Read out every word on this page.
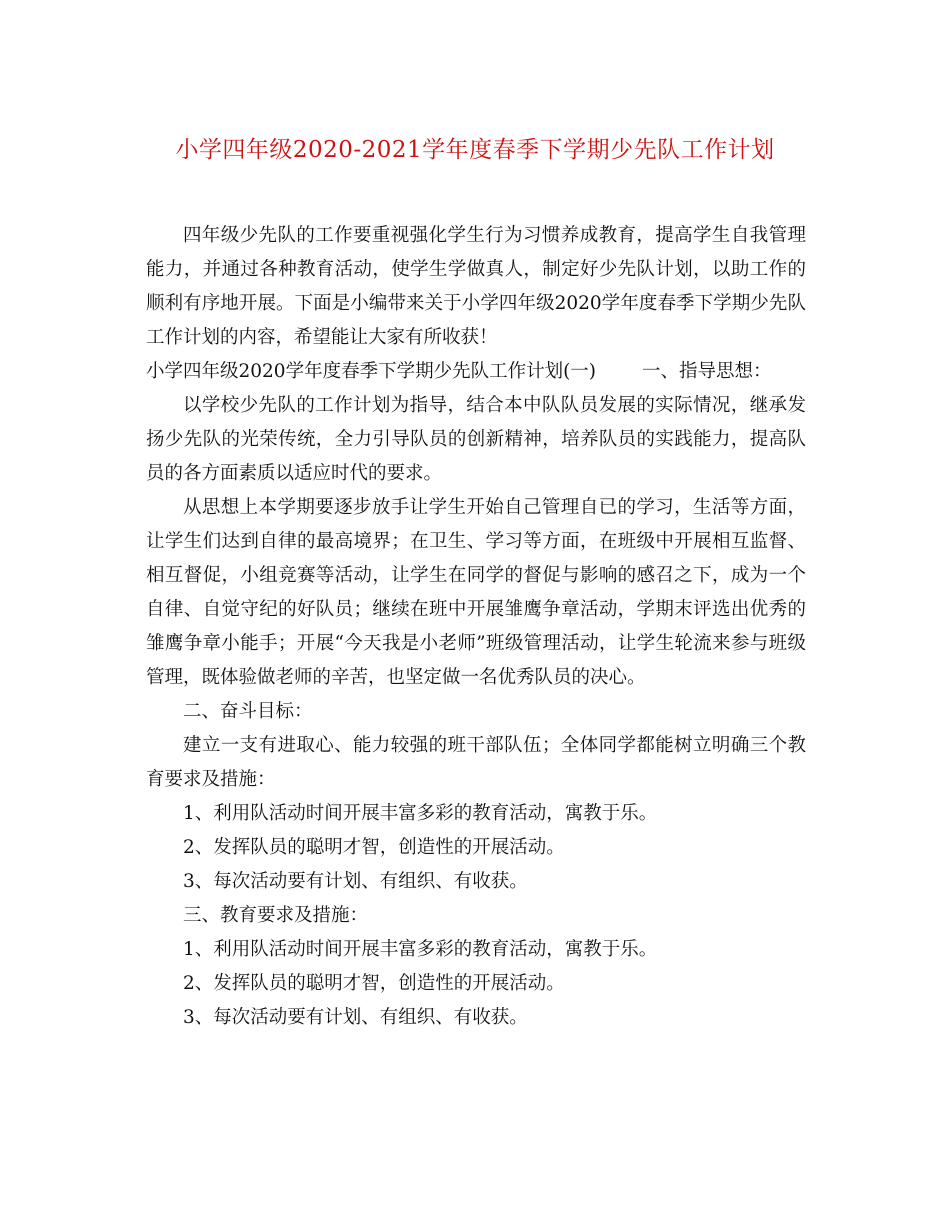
小学四年级2020-2021学年度春季下学期少先队工作计划

四年级少先队的工作要重视强化学生行为习惯养成教育，提高学生自我管理能力，并通过各种教育活动，使学生学做真人，制定好少先队计划，以助工作的顺利有序地开展。下面是小编带来关于小学四年级2020学年度春季下学期少先队工作计划的内容，希望能让大家有所收获！

小学四年级2020学年度春季下学期少先队工作计划(一) 一、指导思想：

以学校少先队的工作计划为指导，结合本中队队员发展的实际情况，继承发扬少先队的光荣传统，全力引导队员的创新精神，培养队员的实践能力，提高队员的各方面素质以适应时代的要求。

从思想上本学期要逐步放手让学生开始自己管理自已的学习，生活等方面，让学生们达到自律的最高境界；在卫生、学习等方面，在班级中开展相互监督、相互督促，小组竞赛等活动，让学生在同学的督促与影响的感召之下，成为一个自律、自觉守纪的好队员；继续在班中开展雏鹰争章活动，学期末评选出优秀的雏鹰争章小能手；开展“今天我是小老师”班级管理活动，让学生轮流来参与班级管理，既体验做老师的辛苦，也坚定做一名优秀队员的决心。

二、奋斗目标：

建立一支有进取心、能力较强的班干部队伍；全体同学都能树立明确三个教育要求及措施：

1、利用队活动时间开展丰富多彩的教育活动，寓教于乐。

2、发挥队员的聪明才智，创造性的开展活动。

3、每次活动要有计划、有组织、有收获。

三、教育要求及措施：

1、利用队活动时间开展丰富多彩的教育活动，寓教于乐。

2、发挥队员的聪明才智，创造性的开展活动。

3、每次活动要有计划、有组织、有收获。
